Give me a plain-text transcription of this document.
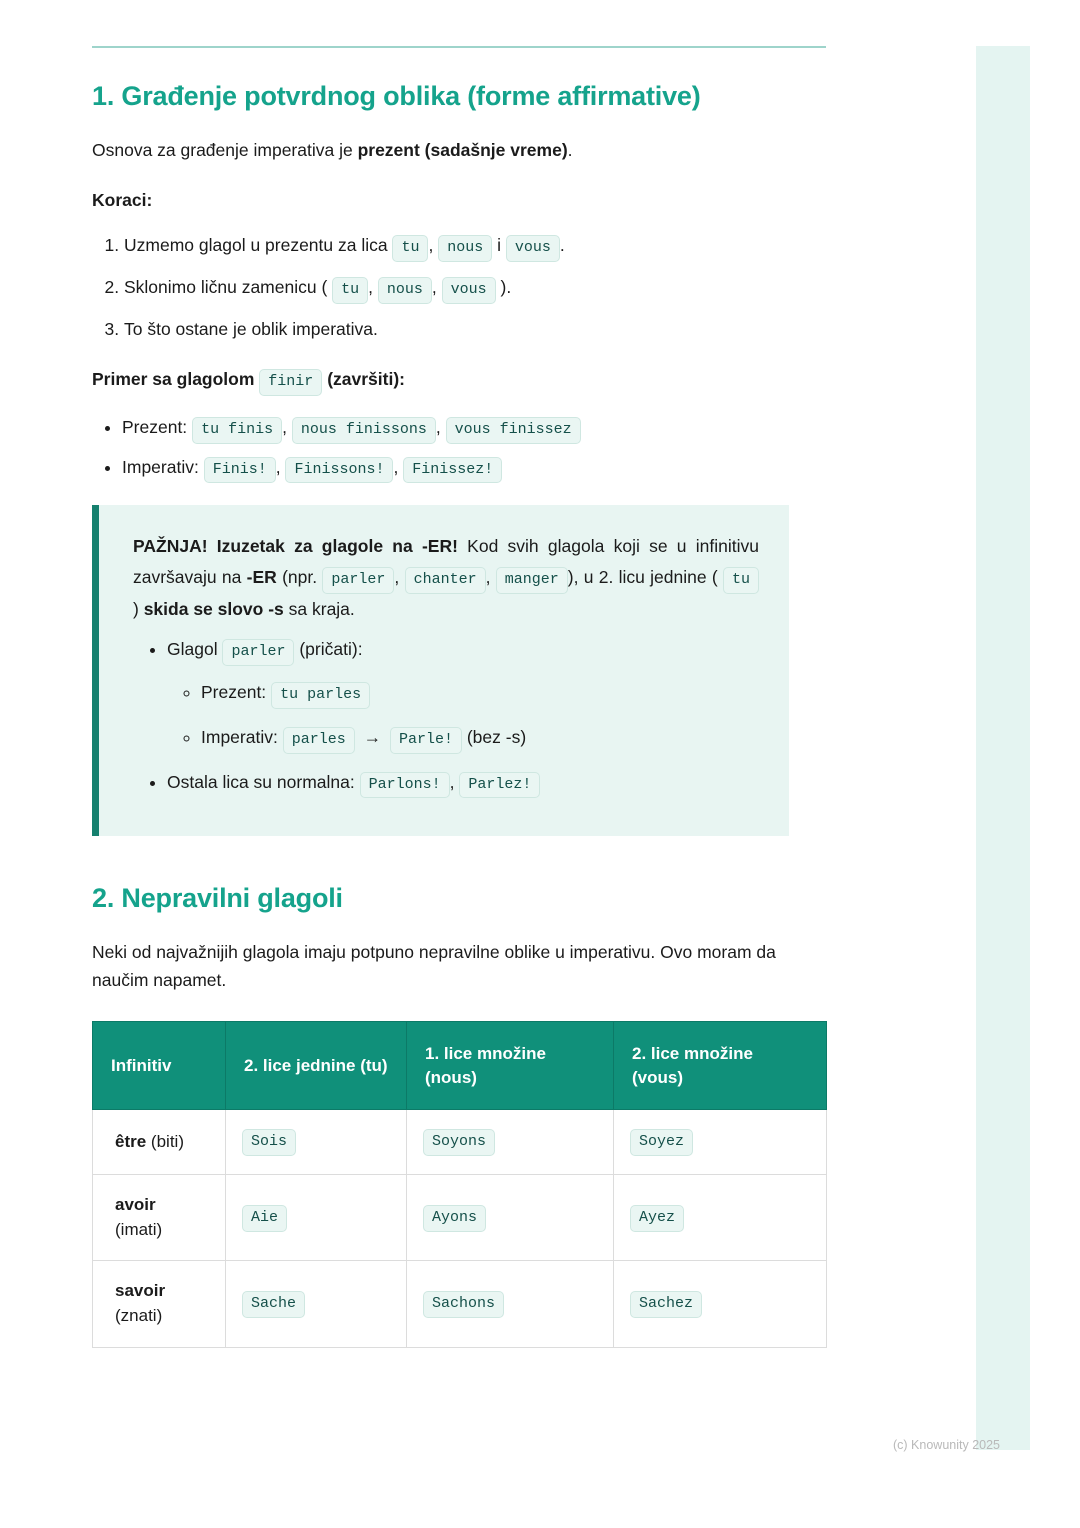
1. Građenje potvrdnog oblika (forme affirmative)

Osnova za građenje imperativa je prezent (sadašnje vreme).

Koraci:

1. Uzmemo glagol u prezentu za lica tu , nous i vous .
2. Sklonimo ličnu zamenicu ( tu , nous , vous ).
3. To što ostane je oblik imperativa.

Primer sa glagolom finir (završiti):

• Prezent: tu finis , nous finissons , vous finissez
• Imperativ: Finis! , Finissons! , Finissez!

PAŽNJA! Izuzetak za glagole na -ER! Kod svih glagola koji se u infinitivu završavaju na -ER (npr. parler , chanter , manger ), u 2. licu jednine ( tu ) skida se slovo -s sa kraja.

• Glagol parler (pričati):
◦ Prezent: tu parles
◦ Imperativ: parles → Parle! (bez -s)
• Ostala lica su normalna: Parlons! , Parlez!
2. Nepravilni glagoli

Neki od najvažnijih glagola imaju potpuno nepravilne oblike u imperativu. Ovo moram da naučim napamet.

Infinitiv	2. lice jednine (tu)	1. lice množine (nous)	2. lice množine (vous)
être (biti)	Sois	Soyons	Soyez
avoir
(imati)	Aie	Ayons	Ayez
savoir
(znati)	Sache	Sachons	Sachez
(c) Knowunity 2025
